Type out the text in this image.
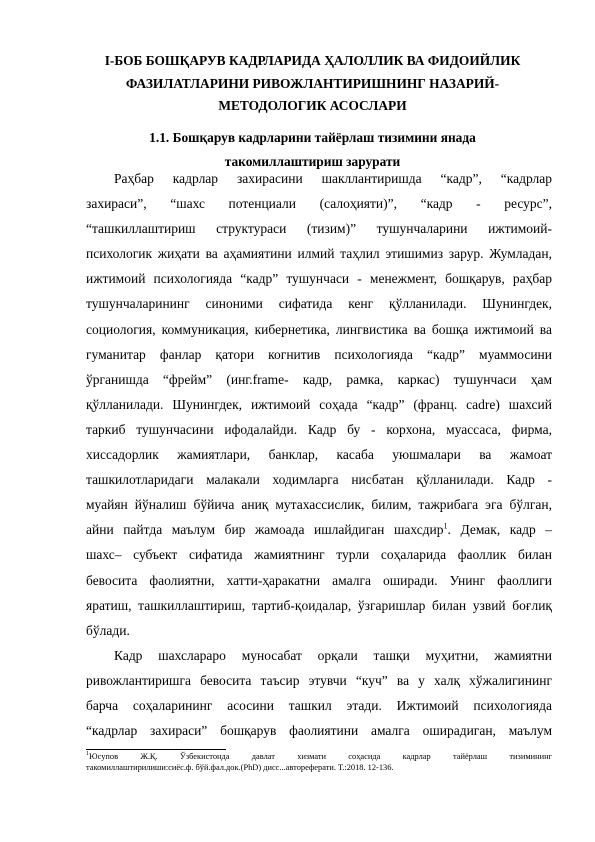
I-БОБ БОШҚАРУВ КАДРЛАРИДА ҲАЛОЛЛИК ВА ФИДОИЙЛИК
ФАЗИЛАТЛАРИНИ РИВОЖЛАНТИРИШНИНГ НАЗАРИЙ-
МЕТОДОЛОГИК АСОСЛАРИ
1.1. Бошқарув кадрларини тайёрлаш тизимини янада
такомиллаштириш зарурати
Раҳбар кадрлар захирасини шакллантиришда “кадр”, “кадрлар
захираси”, “шахс потенциали (салоҳияти)”, “кадр - ресурс”,
“ташкиллаштириш структураси (тизим)” тушунчаларини ижтимоий-
психологик жиҳати ва аҳамиятини илмий таҳлил этишимиз зарур. Жумладан,
ижтимоий психологияда “кадр” тушунчаси - менежмент, бошқарув, раҳбар
тушунчаларининг синоними сифатида кенг қўлланилади. Шунингдек,
социология, коммуникация, кибернетика, лингвистика ва бошқа ижтимоий ва
гуманитар фанлар қатори когнитив психологияда “кадр” муаммосини
ўрганишда “фрейм” (инг.frame- кадр, рамка, каркас) тушунчаси ҳам
қўлланилади. Шунингдек, ижтимоий соҳада “кадр” (франц. cadre) шахсий
таркиб тушунчасини ифодалайди. Кадр бу - корхона, муассаса, фирма,
хиссадорлик жамиятлари, банклар, касаба уюшмалари ва жамоат
ташкилотларидаги малакали ходимларга нисбатан қўлланилади. Кадр -
муайян йўналиш бўйича аниқ мутахассислик, билим, тажрибага эга бўлган,
айни пайтда маълум бир жамоада ишлайдиган шахсдир$^1$. Демак, кадр –
шахс– субъект сифатида жамиятнинг турли соҳаларида фаоллик билан
бевосита фаолиятни, хатти-ҳаракатни амалга оширади. Унинг фаоллиги
яратиш, ташкиллаштириш, тартиб-қоидалар, ўзгаришлар билан узвий боғлиқ
бўлади.
Кадр шахслараро муносабат орқали ташқи муҳитни, жамиятни
ривожлантиришга бевосита таъсир этувчи “куч” ва у халқ хўжалигининг
барча соҳаларининг асосини ташкил этади. Ижтимоий психологияда
“кадрлар захираси” бошқарув фаолиятини амалга оширадиган, маълум
$^1$Юсупов Ж.Қ. Ўзбекистонда давлат хизмати соҳасида кадрлар тайёрлаш тизимининг
такомиллаштирилиши:сиёс.ф. бўй.фал.док.(PhD) дисс...автореферати. Т.:2018. 12-136.
